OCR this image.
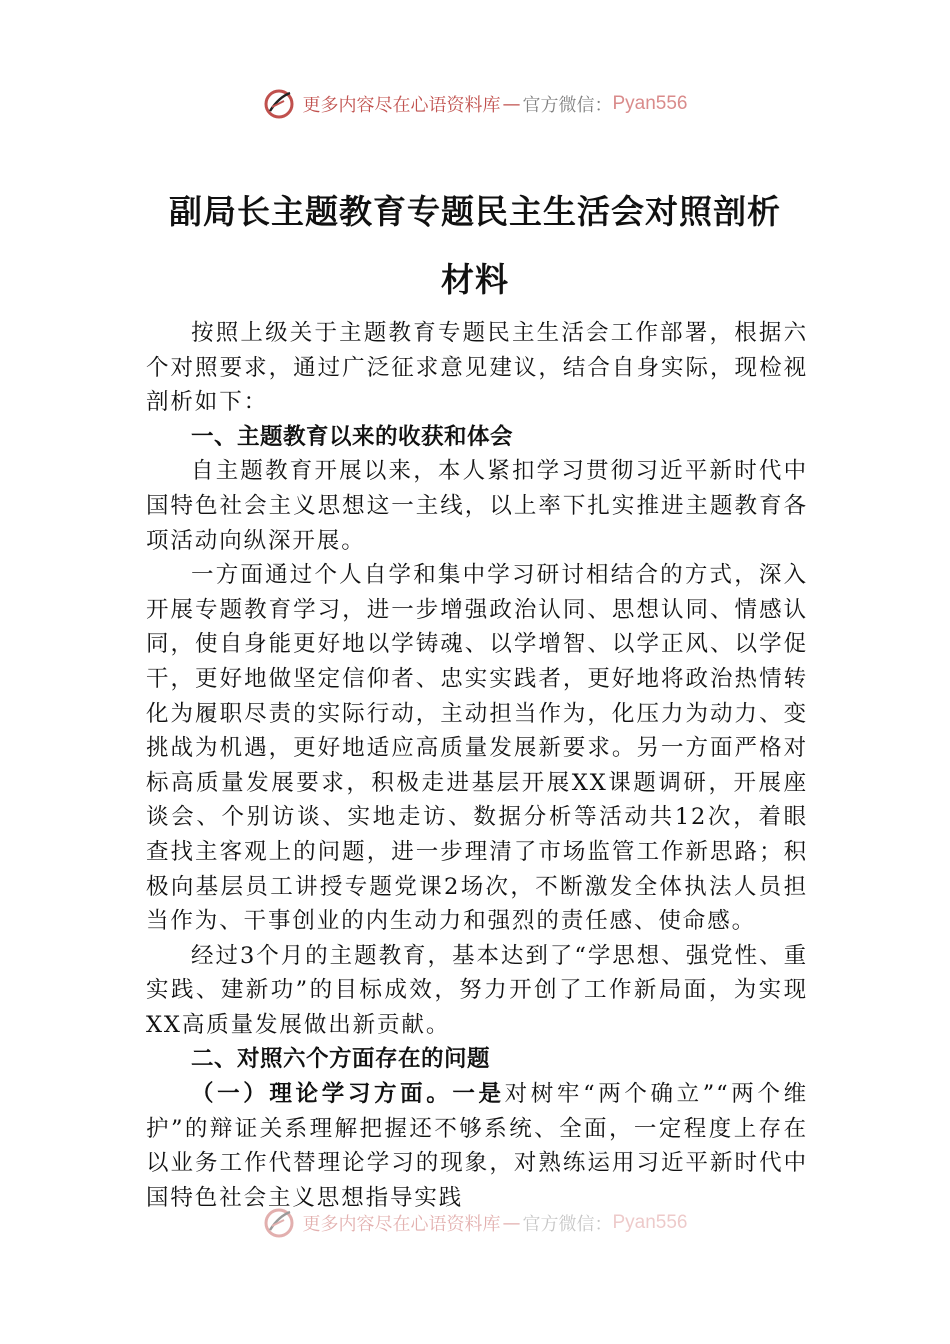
更多内容尽在心语资料库 — 官方微信： Pyan556
副局长主题教育专题民主生活会对照剖析
材料

按照上级关于主题教育专题民主生活会工作部署，根据六个对照要求，通过广泛征求意见建议，结合自身实际，现检视剖析如下：

一、主题教育以来的收获和体会

自主题教育开展以来，本人紧扣学习贯彻习近平新时代中国特色社会主义思想这一主线，以上率下扎实推进主题教育各项活动向纵深开展。

一方面通过个人自学和集中学习研讨相结合的方式，深入开展专题教育学习，进一步增强政治认同、思想认同、情感认同，使自身能更好地以学铸魂、以学增智、以学正风、以学促干，更好地做坚定信仰者、忠实实践者，更好地将政治热情转化为履职尽责的实际行动，主动担当作为，化压力为动力、变挑战为机遇，更好地适应高质量发展新要求。另一方面严格对标高质量发展要求，积极走进基层开展XX课题调研，开展座谈会、个别访谈、实地走访、数据分析等活动共12次，着眼查找主客观上的问题，进一步理清了市场监管工作新思路；积极向基层员工讲授专题党课2场次，不断激发全体执法人员担当作为、干事创业的内生动力和强烈的责任感、使命感。

经过3个月的主题教育，基本达到了“学思想、强党性、重实践、建新功”的目标成效，努力开创了工作新局面，为实现XX高质量发展做出新贡献。

二、对照六个方面存在的问题

（一）理论学习方面。一是对树牢“两个确立”“两个维护”的辩证关系理解把握还不够系统、全面，一定程度上存在以业务工作代替理论学习的现象，对熟练运用习近平新时代中国特色社会主义思想指导实践

更多内容尽在心语资料库 — 官方微信： Pyan556
